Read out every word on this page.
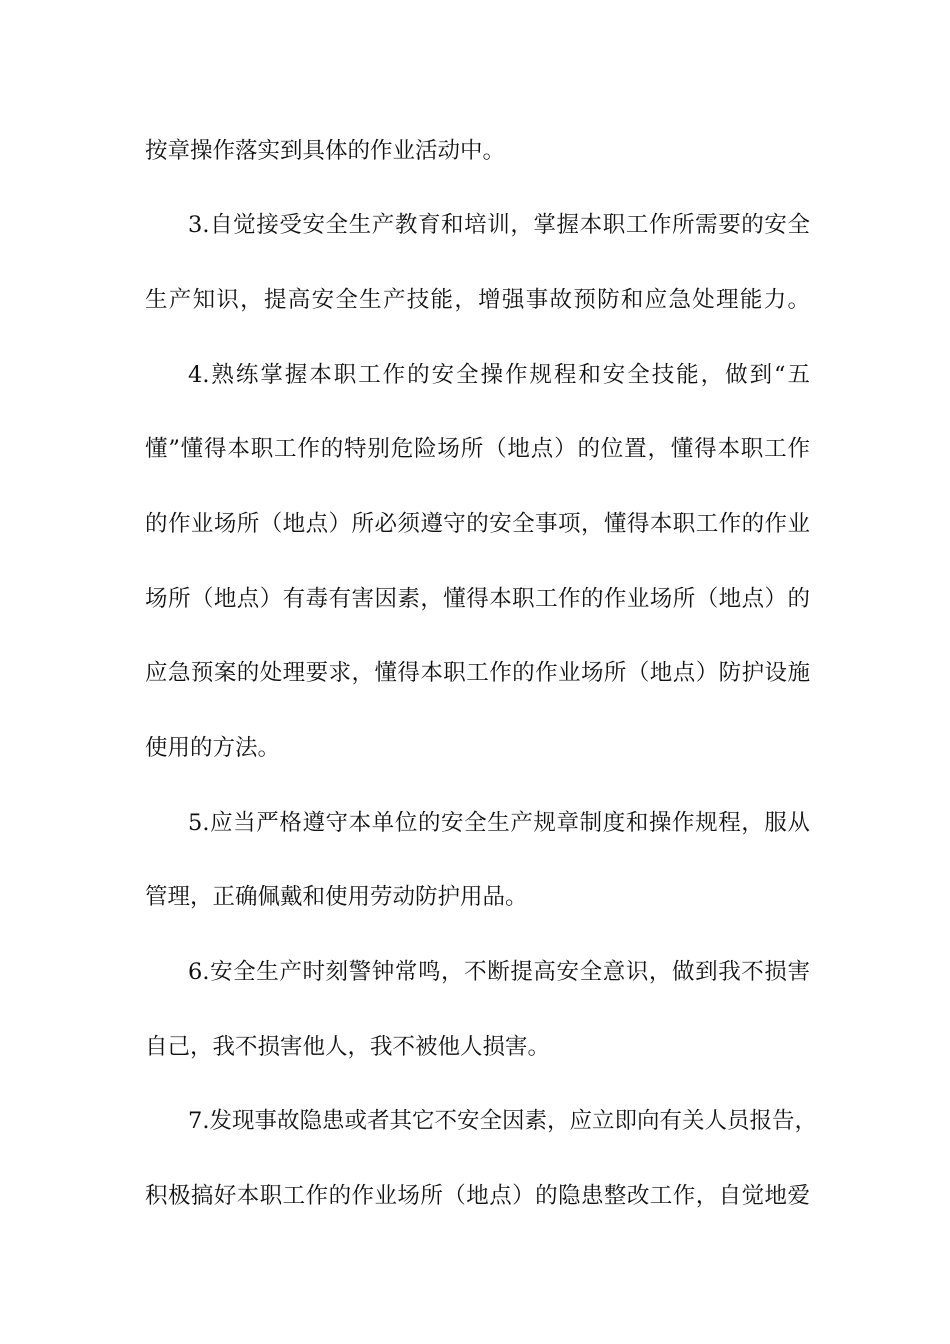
按章操作落实到具体的作业活动中。
3.自觉接受安全生产教育和培训，掌握本职工作所需要的安全
生产知识，提高安全生产技能，增强事故预防和应急处理能力。
4.熟练掌握本职工作的安全操作规程和安全技能，做到“五
懂”懂得本职工作的特别危险场所（地点）的位置，懂得本职工作
的作业场所（地点）所必须遵守的安全事项，懂得本职工作的作业
场所（地点）有毒有害因素，懂得本职工作的作业场所（地点）的
应急预案的处理要求，懂得本职工作的作业场所（地点）防护设施
使用的方法。
5.应当严格遵守本单位的安全生产规章制度和操作规程，服从
管理，正确佩戴和使用劳动防护用品。
6.安全生产时刻警钟常鸣，不断提高安全意识，做到我不损害
自己，我不损害他人，我不被他人损害。
7.发现事故隐患或者其它不安全因素，应立即向有关人员报告，
积极搞好本职工作的作业场所（地点）的隐患整改工作，自觉地爱
